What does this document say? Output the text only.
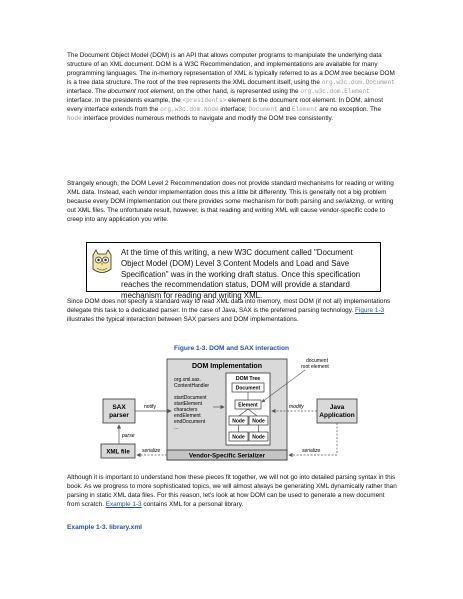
The Document Object Model (DOM) is an API that allows computer programs to manipulate the underlying data structure of an XML document. DOM is a W3C Recommendation, and implementations are available for many programming languages. The in-memory representation of XML is typically referred to as a DOM tree because DOM is a tree data structure. The root of the tree represents the XML document itself, using the org.w3c.dom.Document interface. The document root element, on the other hand, is represented using the org.w3c.dom.Element interface. In the presidents example, the <presidents> element is the document root element. In DOM, almost every interface extends from the org.w3c.dom.Node interface; Document and Element are no exception. The Node interface provides numerous methods to navigate and modify the DOM tree consistently.

Strangely enough, the DOM Level 2 Recommendation does not provide standard mechanisms for reading or writing XML data. Instead, each vendor implementation does this a little bit differently. This is generally not a big problem because every DOM implementation out there provides some mechanism for both parsing and serializing, or writing out XML files. The unfortunate result, however, is that reading and writing XML will cause vendor-specific code to creep into any application you write.

At the time of this writing, a new W3C document called "Document Object Model (DOM) Level 3 Content Models and Load and Save Specification" was in the working draft status. Once this specification reaches the recommendation status, DOM will provide a standard mechanism for reading and writing XML.

Since DOM does not specify a standard way to read XML data into memory, most DOM (if not all) implementations delegate this task to a dedicated parser. In the case of Java, SAX is the preferred parsing technology. Figure 1-3 illustrates the typical interaction between SAX parsers and DOM implementations.

Figure 1-3. DOM and SAX interaction

DOM Implementation
org.xml.sax.
ContentHandler
startDocument
startElement
characters
endElement
endDocument
...
DOM Tree
Document
Element
Node Node
Node Node
document
root element
Vendor-Specific Serializer
SAX
parser
notify
XML file
parse
serialize
Java
Application
modify
serialize

Although it is important to understand how these pieces fit together, we will not go into detailed parsing syntax in this book. As we progress to more sophisticated topics, we will almost always be generating XML dynamically rather than parsing in static XML data files. For this reason, let's look at how DOM can be used to generate a new document from scratch. Example 1-3 contains XML for a personal library.

Example 1-3. library.xml
